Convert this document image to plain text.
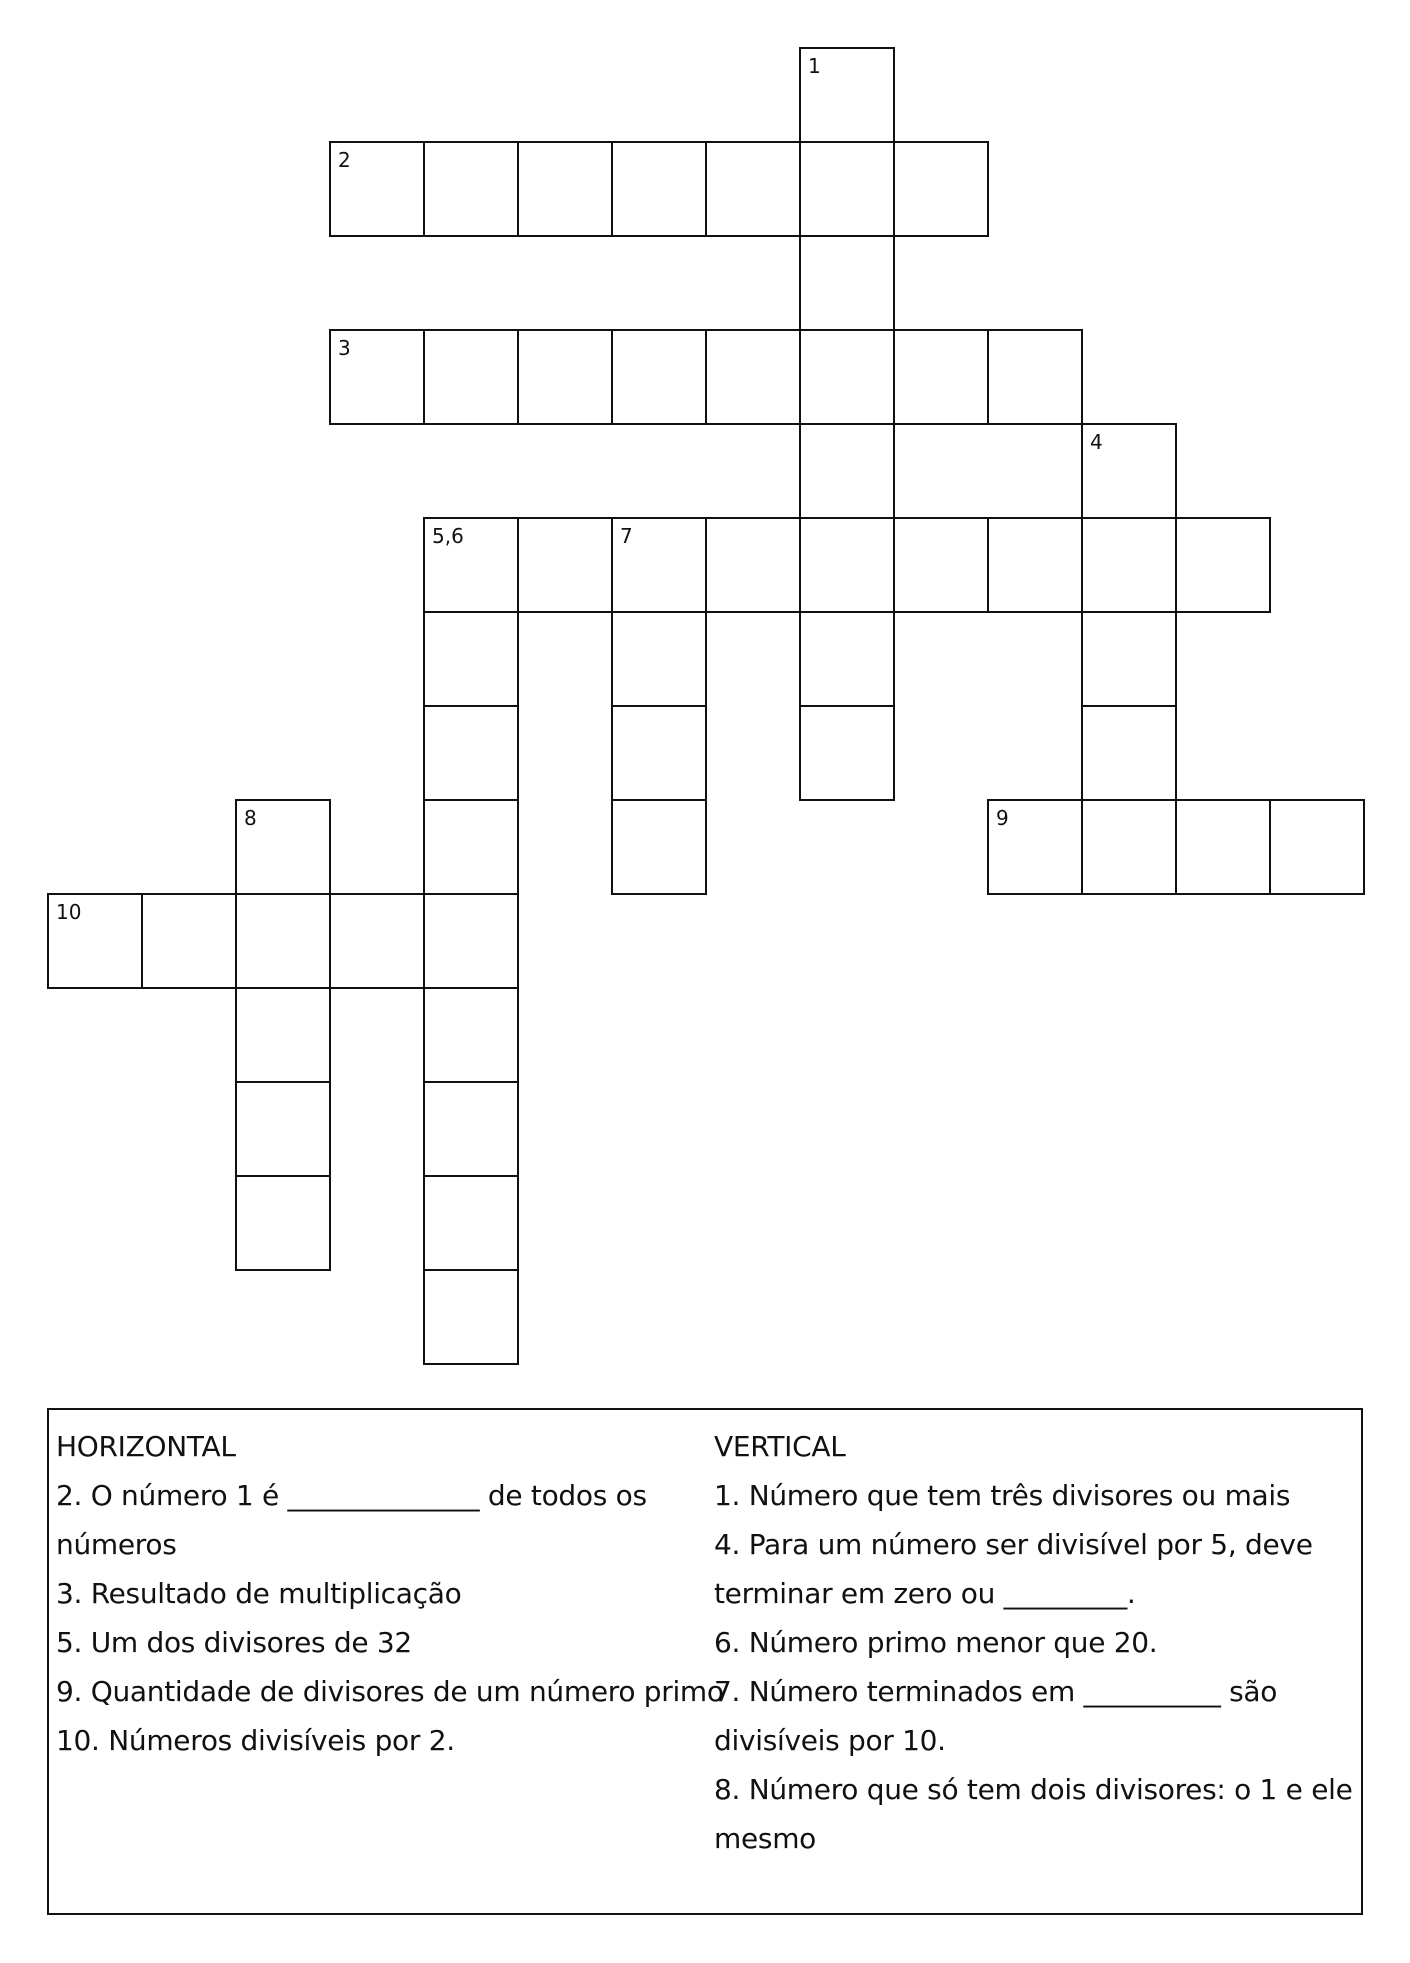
1
2
3
4
5,6	7
8	9
10

HORIZONTAL

2. O número 1 é ______________ de todos os números

3. Resultado de multiplicação

5. Um dos divisores de 32

9. Quantidade de divisores de um número primo

10. Números divisíveis por 2.

VERTICAL

1. Número que tem três divisores ou mais

4. Para um número ser divisível por 5, deve terminar em zero ou _________.

6. Número primo menor que 20.

7. Número terminados em __________ são divisíveis por 10.

8. Número que só tem dois divisores: o 1 e ele mesmo
